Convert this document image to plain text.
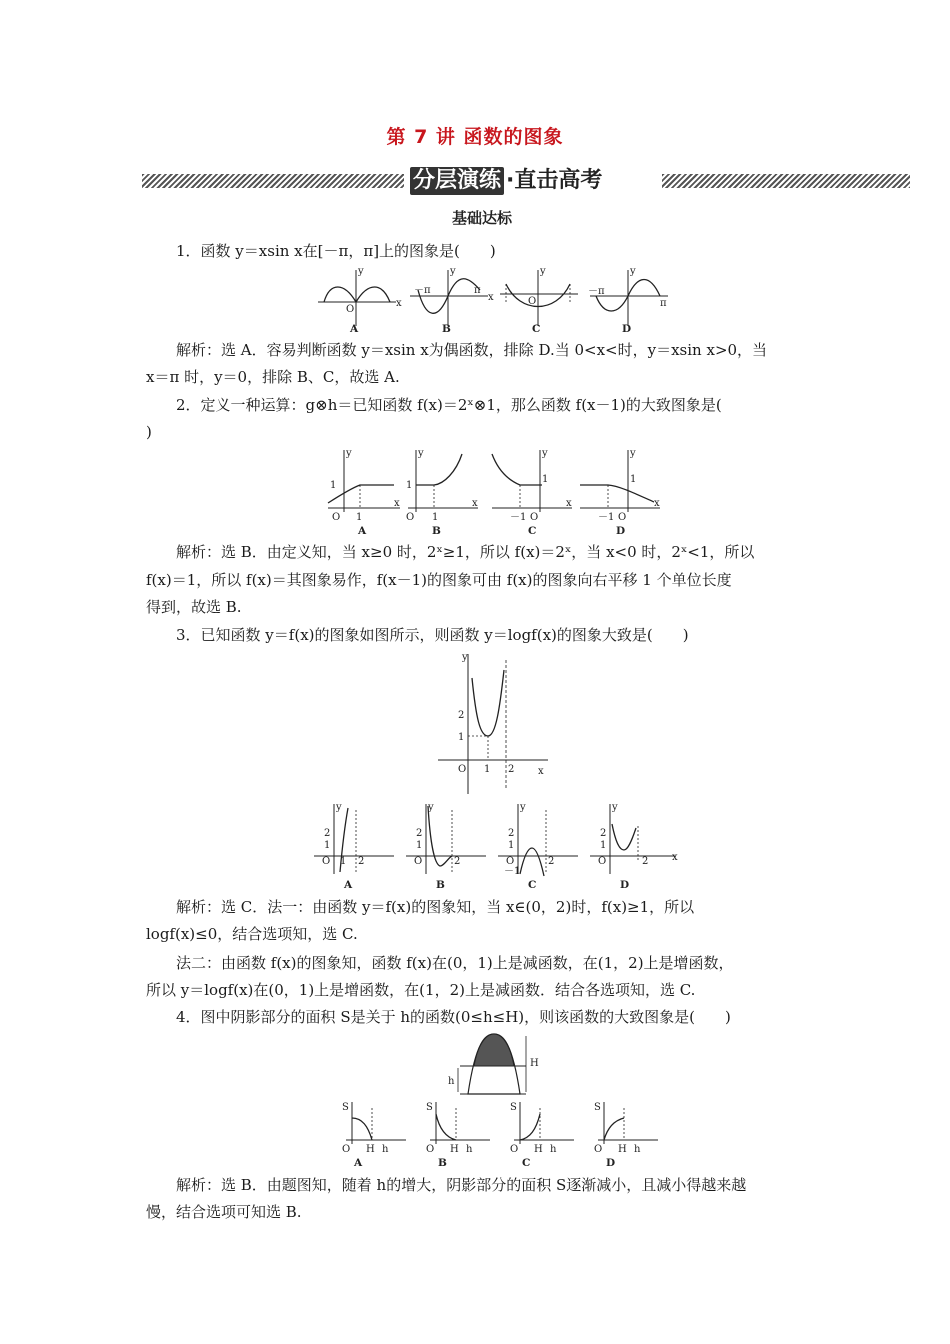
第 7 讲 函数的图象
分层演练 ·直击高考
基础达标
1．函数 y＝xsin x在[－π，π]上的图象是(　　)
O
y
x
A
－π	π
y
x
B
O
y
C
－π
π
y
D
解析：选 A．容易判断函数 y＝xsin x为偶函数，排除 D.当 0<x<时，y＝xsin x>0，当
x＝π 时，y＝0，排除 B、C，故选 A.
2．定义一种运算：g⊗h＝已知函数 f(x)＝2ˣ⊗1，那么函数 f(x－1)的大致图象是(
)
1
O 1
y
x
A
1
O 1
y
x
B
1
－1 O
y
x
C
1
－1 O
y
x
D
解析：选 B．由定义知，当 x≥0 时，2ˣ≥1，所以 f(x)＝2ˣ，当 x<0 时，2ˣ<1，所以
f(x)＝1，所以 f(x)＝其图象易作，f(x－1)的图象可由 f(x)的图象向右平移 1 个单位长度
得到，故选 B.
3．已知函数 y＝f(x)的图象如图所示，则函数 y＝logf(x)的图象大致是(　　)
y
2
1
O 1 2 x
y
2
1
O 1 2
A
y
2
1
O	2
B
y
2
1
O
－1
2
C
y
2
1
O	2 x
D
解析：选 C．法一：由函数 y＝f(x)的图象知，当 x∈(0，2)时，f(x)≥1，所以
logf(x)≤0，结合选项知，选 C.
法二：由函数 f(x)的图象知，函数 f(x)在(0，1)上是减函数，在(1，2)上是增函数，
所以 y＝logf(x)在(0，1)上是增函数，在(1，2)上是减函数．结合各选项知，选 C.
4．图中阴影部分的面积 S是关于 h的函数(0≤h≤H)，则该函数的大致图象是(　　)
h
H
S
O H h
A
S
O H h
B
S
O H h
C
S
O H h
D
解析：选 B．由题图知，随着 h的增大，阴影部分的面积 S逐渐减小，且减小得越来越
慢，结合选项可知选 B.
